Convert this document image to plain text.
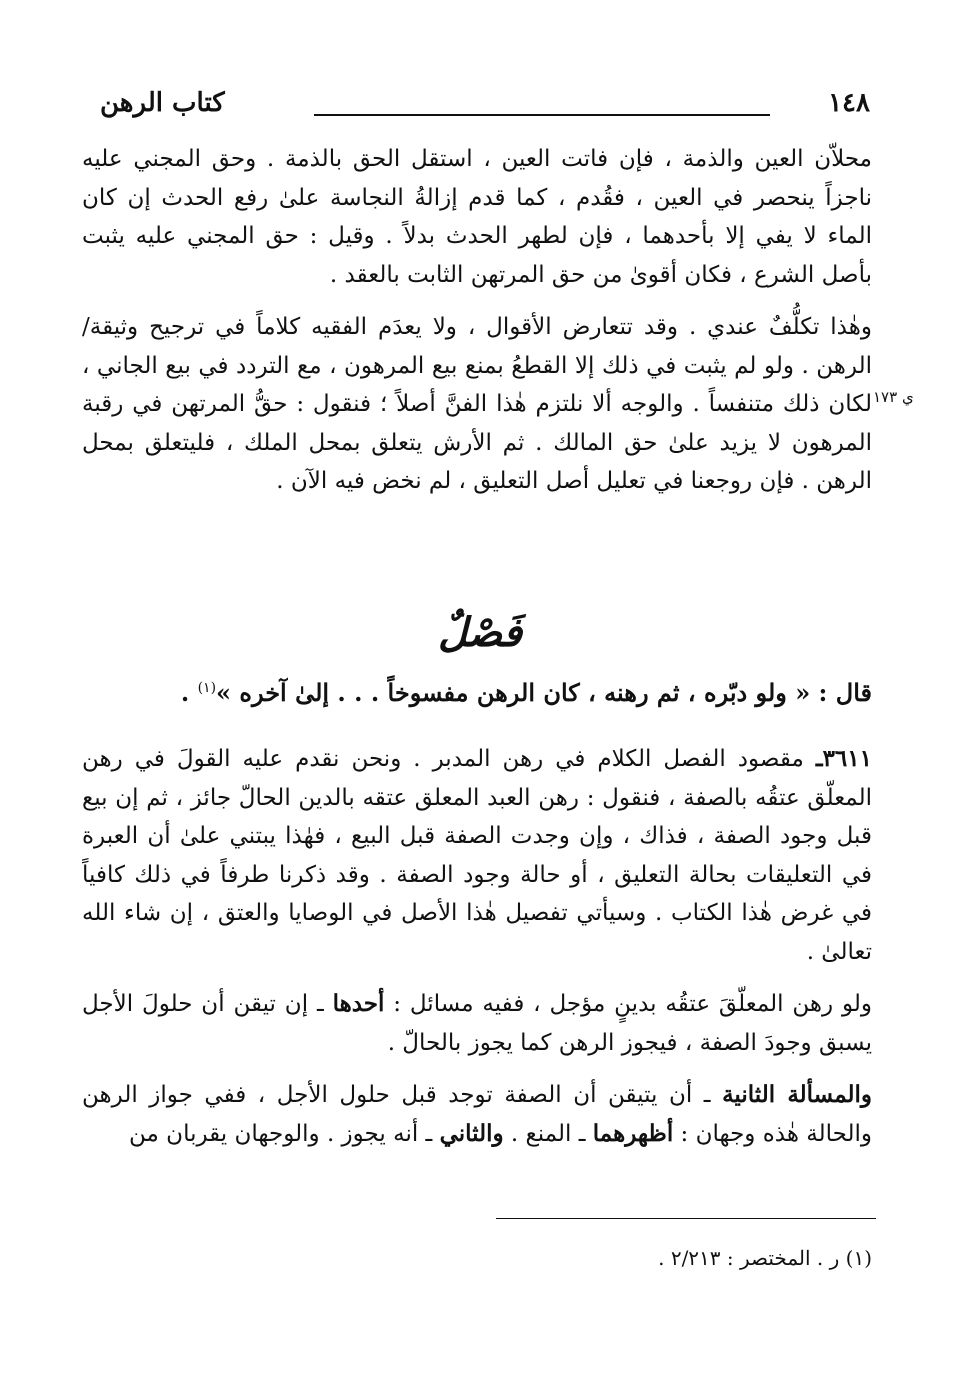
١٤٨
كتاب الرهن
ي ١٧٣

محلاّن العين والذمة ، فإن فاتت العين ، استقل الحق بالذمة . وحق المجني عليه ناجزاً ينحصر في العين ، فقُدم ، كما قدم إزالةُ النجاسة علىٰ رفع الحدث إن كان الماء لا يفي إلا بأحدهما ، فإن لطهر الحدث بدلاً . وقيل : حق المجني عليه يثبت بأصل الشرع ، فكان أقوىٰ من حق المرتهن الثابت بالعقد .

وهٰذا تكلُّفٌ عندي . وقد تتعارض الأقوال ، ولا يعدَم الفقيه كلاماً في ترجيح وثيقة/ الرهن . ولو لم يثبت في ذلك إلا القطعُ بمنع بيع المرهون ، مع التردد في بيع الجاني ، لكان ذلك متنفساً . والوجه ألا نلتزم هٰذا الفنَّ أصلاً ؛ فنقول : حقُّ المرتهن في رقبة المرهون لا يزيد علىٰ حق المالك . ثم الأرش يتعلق بمحل الملك ، فليتعلق بمحل الرهن . فإن روجعنا في تعليل أصل التعليق ، لم نخض فيه الآن .

فَصْلٌ
قال : « ولو دبّره ، ثم رهنه ، كان الرهن مفسوخاً . . . إلىٰ آخره »$^{(١)}$ .

٣٦١١ـ مقصود الفصل الكلام في رهن المدبر . ونحن نقدم عليه القولَ في رهن المعلّق عتقُه بالصفة ، فنقول : رهن العبد المعلق عتقه بالدين الحالّ جائز ، ثم إن بيع قبل وجود الصفة ، فذاك ، وإن وجدت الصفة قبل البيع ، فهٰذا يبتني علىٰ أن العبرة في التعليقات بحالة التعليق ، أو حالة وجود الصفة . وقد ذكرنا طرفاً في ذلك كافياً في غرض هٰذا الكتاب . وسيأتي تفصيل هٰذا الأصل في الوصايا والعتق ، إن شاء الله تعالىٰ .

ولو رهن المعلّقَ عتقُه بدينٍ مؤجل ، ففيه مسائل : أحدها ـ إن تيقن أن حلولَ الأجل يسبق وجودَ الصفة ، فيجوز الرهن كما يجوز بالحالّ .

والمسألة الثانية ـ أن يتيقن أن الصفة توجد قبل حلول الأجل ، ففي جواز الرهن والحالة هٰذه وجهان : أظهرهما ـ المنع . والثاني ـ أنه يجوز . والوجهان يقربان من

(١) ر . المختصر : ٢/٢١٣ .
